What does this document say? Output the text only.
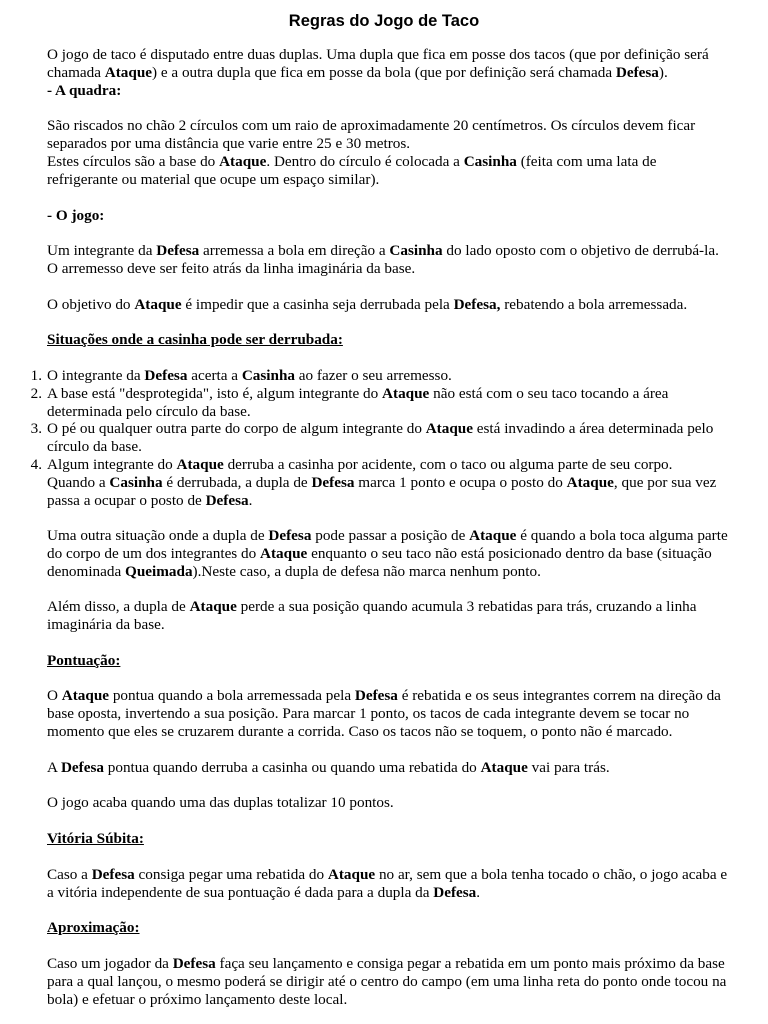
Regras do Jogo de Taco

O jogo de taco é disputado entre duas duplas. Uma dupla que fica em posse dos tacos (que por definição será chamada Ataque) e a outra dupla que fica em posse da bola (que por definição será chamada Defesa).

- A quadra:

São riscados no chão 2 círculos com um raio de aproximadamente 20 centímetros. Os círculos devem ficar separados por uma distância que varie entre 25 e 30 metros.

Estes círculos são a base do Ataque. Dentro do círculo é colocada a Casinha (feita com uma lata de refrigerante ou material que ocupe um espaço similar).

- O jogo:

Um integrante da Defesa arremessa a bola em direção a Casinha do lado oposto com o objetivo de derrubá-la. O arremesso deve ser feito atrás da linha imaginária da base.

O objetivo do Ataque é impedir que a casinha seja derrubada pela Defesa, rebatendo a bola arremessada.

Situações onde a casinha pode ser derrubada:

1. O integrante da Defesa acerta a Casinha ao fazer o seu arremesso.

2. A base está "desprotegida", isto é, algum integrante do Ataque não está com o seu taco tocando a área determinada pelo círculo da base.

3. O pé ou qualquer outra parte do corpo de algum integrante do Ataque está invadindo a área determinada pelo círculo da base.

4. Algum integrante do Ataque derruba a casinha por acidente, com o taco ou alguma parte de seu corpo.

Quando a Casinha é derrubada, a dupla de Defesa marca 1 ponto e ocupa o posto do Ataque, que por sua vez passa a ocupar o posto de Defesa.

Uma outra situação onde a dupla de Defesa pode passar a posição de Ataque é quando a bola toca alguma parte do corpo de um dos integrantes do Ataque enquanto o seu taco não está posicionado dentro da base (situação denominada Queimada).Neste caso, a dupla de defesa não marca nenhum ponto.

Além disso, a dupla de Ataque perde a sua posição quando acumula 3 rebatidas para trás, cruzando a linha imaginária da base.

Pontuação:

O Ataque pontua quando a bola arremessada pela Defesa é rebatida e os seus integrantes correm na direção da base oposta, invertendo a sua posição. Para marcar 1 ponto, os tacos de cada integrante devem se tocar no momento que eles se cruzarem durante a corrida. Caso os tacos não se toquem, o ponto não é marcado.

A Defesa pontua quando derruba a casinha ou quando uma rebatida do Ataque vai para trás.

O jogo acaba quando uma das duplas totalizar 10 pontos.

Vitória Súbita:

Caso a Defesa consiga pegar uma rebatida do Ataque no ar, sem que a bola tenha tocado o chão, o jogo acaba e a vitória independente de sua pontuação é dada para a dupla da Defesa.

Aproximação:

Caso um jogador da Defesa faça seu lançamento e consiga pegar a rebatida em um ponto mais próximo da base para a qual lançou, o mesmo poderá se dirigir até o centro do campo (em uma linha reta do ponto onde tocou na bola) e efetuar o próximo lançamento deste local.
